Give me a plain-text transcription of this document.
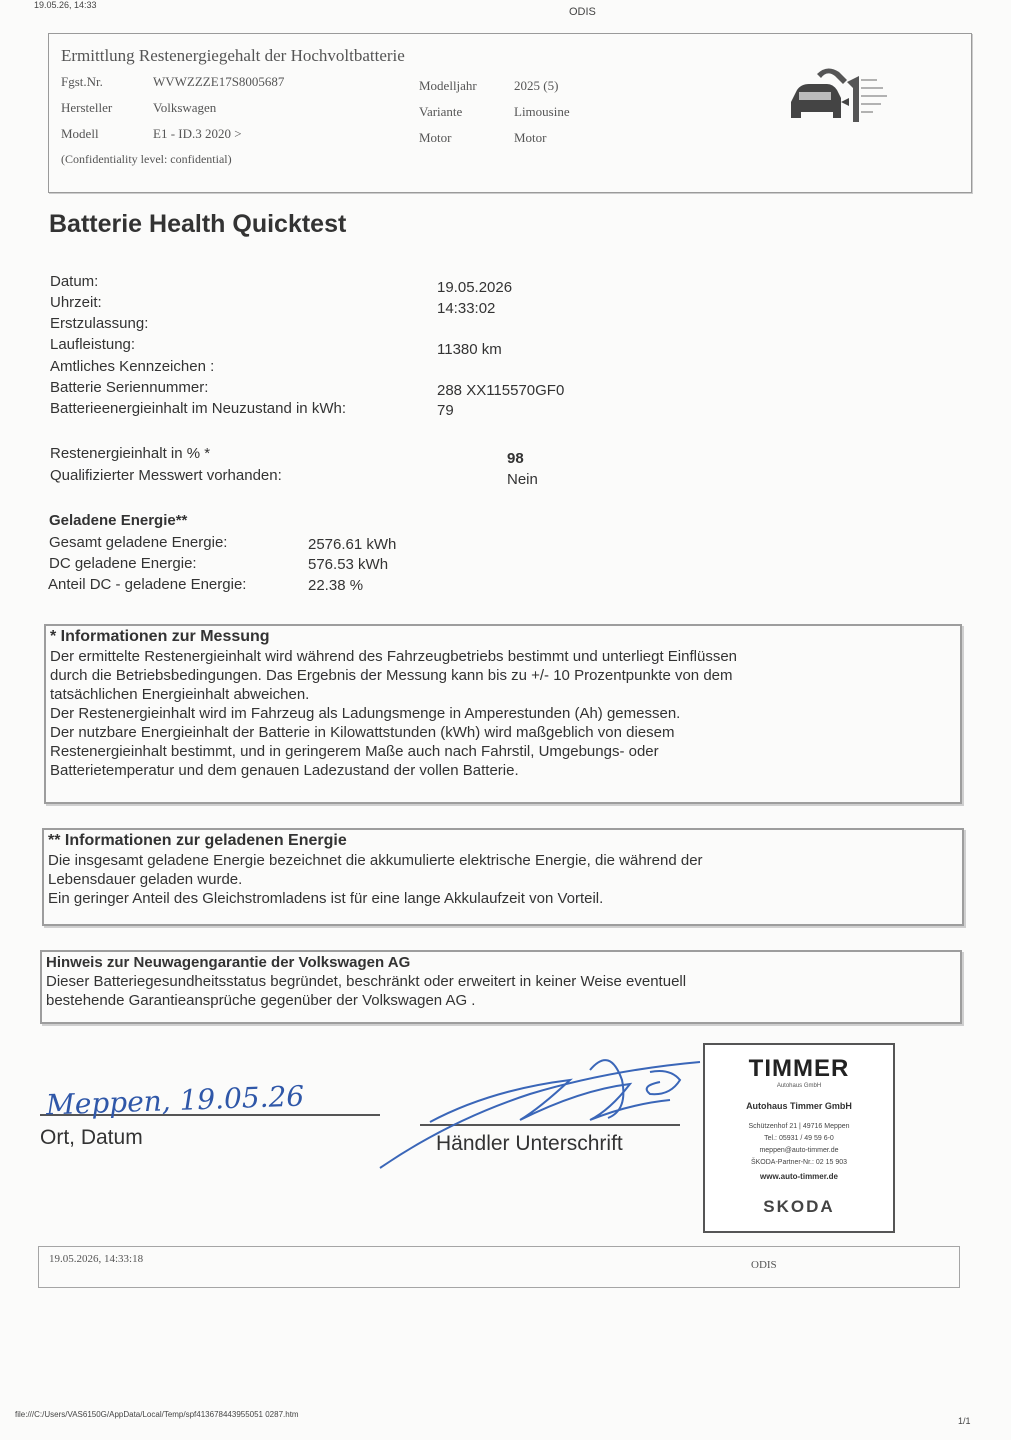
19.05.26, 14:33
ODIS
Ermittlung Restenergiegehalt der Hochvoltbatterie
Fgst.Nr.	WVWZZZE17S8005687
Hersteller	Volkswagen
Modell	E1 - ID.3 2020 >
Modelljahr	2025 (5)
Variante	Limousine
Motor	Motor
(Confidentiality level: confidential)
Batterie Health Quicktest
Datum:	19.05.2026
Uhrzeit:	14:33:02
Erstzulassung:
Laufleistung:	11380 km
Amtliches Kennzeichen :
Batterie Seriennummer:	288 XX115570GF0
Batterieenergieinhalt im Neuzustand in kWh:	79
Restenergieinhalt in % *	98
Qualifizierter Messwert vorhanden:	Nein
Geladene Energie**
Gesamt geladene Energie:	2576.61 kWh
DC geladene Energie:	576.53 kWh
Anteil DC - geladene Energie:	22.38 %
* Informationen zur Messung
Der ermittelte Restenergieinhalt wird während des Fahrzeugbetriebs bestimmt und unterliegt Einflüssen
durch die Betriebsbedingungen. Das Ergebnis der Messung kann bis zu +/- 10 Prozentpunkte von dem
tatsächlichen Energieinhalt abweichen.
Der Restenergieinhalt wird im Fahrzeug als Ladungsmenge in Amperestunden (Ah) gemessen.
Der nutzbare Energieinhalt der Batterie in Kilowattstunden (kWh) wird maßgeblich von diesem
Restenergieinhalt bestimmt, und in geringerem Maße auch nach Fahrstil, Umgebungs- oder
Batterietemperatur und dem genauen Ladezustand der vollen Batterie.
** Informationen zur geladenen Energie
Die insgesamt geladene Energie bezeichnet die akkumulierte elektrische Energie, die während der
Lebensdauer geladen wurde.
Ein geringer Anteil des Gleichstromladens ist für eine lange Akkulaufzeit von Vorteil.
Hinweis zur Neuwagengarantie der Volkswagen AG
Dieser Batteriegesundheitsstatus begründet, beschränkt oder erweitert in keiner Weise eventuell
bestehende Garantieansprüche gegenüber der Volkswagen AG .
Meppen, 19.05.26
Ort, Datum	Händler Unterschrift
TIMMER
Autohaus GmbH
Autohaus Timmer GmbH
Schützenhof 21 | 49716 Meppen
Tel.: 05931 / 49 59 6-0
meppen@auto-timmer.de
ŠKODA-Partner-Nr.: 02 15 903
www.auto-timmer.de
SKODA
19.05.2026, 14:33:18	ODIS
file:///C:/Users/VAS6150G/AppData/Local/Temp/spf413678443955051 0287.htm
1/1
